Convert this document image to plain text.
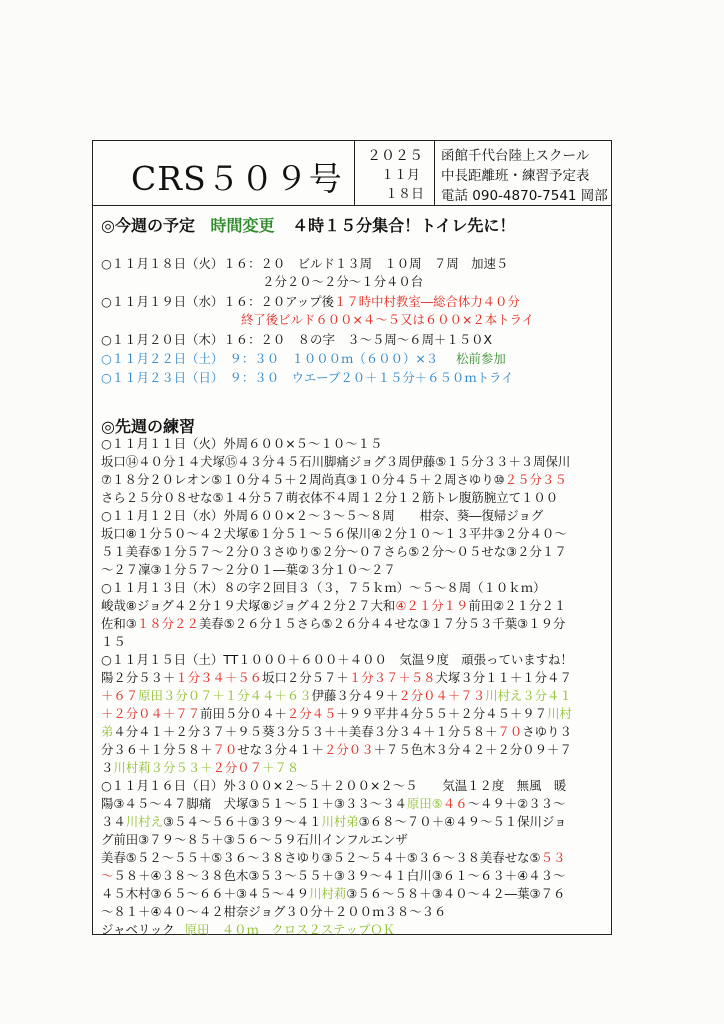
CRS５０９号
２０２５
１１月
１８日
函館千代台陸上スクール
中長距離班・練習予定表
電話 090-4870-7541 岡部
◎今週の予定 時間変更 ４時１５分集合！トイレ先に！
○１１月１８日（火）１６：２０　ビルド１３周　１０周　７周　加速５
　　　　　　　　　　　　　２分２０～２分～１分４０台
○１１月１９日（水）１６：２０アップ後１７時中村教室―総合体力４０分
終了後ビルド６００×４～５又は６００×２本トライ
○１１月２０日（木）１６：２０　８の字　３～５周～６周＋１５０X
○１１月２２日（土）　９：３０　１０００ｍ（６００）×３ 松前参加
○１１月２３日（日）　９：３０　ウエーブ２０＋１５分＋６５０ｍトライ
◎先週の練習
○１１月１１日（火）外周６００×５～１０～１５
坂口⑭４０分１４犬塚⑮４３分４５石川脚痛ジョグ３周伊藤⑤１５分３３＋３周保川
⑦１８分２０レオン⑤１０分４５＋２周尚真③１０分４５＋２周さゆり⑩２５分３５
さら２５分０８せな⑤１４分５７萌衣体不４周１２分１２筋トレ腹筋腕立て１００
○１１月１２日（水）外周６００×２～３～５～８周　　柑奈、葵―復帰ジョグ
坂口⑧１分５０～４２犬塚⑥１分５１～５６保川④２分１０～１３平井③２分４０～
５１美春⑤１分５７～２分０３さゆり⑤２分～０７さら⑤２分～０５せな③２分１７
～２７凜③１分５７～２分０１―葉②３分１０～２７
○１１月１３日（木）８の字２回目３（３，７５ｋｍ）～５～８周（１０ｋｍ）
峻哉⑧ジョグ４２分１９犬塚⑧ジョグ４２分２７大和④２１分１９前田②２１分２１
佐和③１８分２２美春⑤２６分１５さら⑤２６分４４せな③１７分５３千葉③１９分
１５
○１１月１５日（土）TT１０００＋６００＋４００　気温９度　頑張っていますね！
陽２分５３＋１分３４＋５６坂口２分５７＋１分３７＋５８犬塚３分１１＋１分４７
＋６７原田３分０７＋１分４４＋６３伊藤３分４９＋２分０４＋７３川村え３分４１
＋２分０４＋７７前田５分０４＋２分４５＋９９平井４分５５＋２分４５＋９７川村
弟４分４１＋２分３７＋９５葵３分５３＋＋美春３分３４＋１分５８＋７０さゆり３
分３６＋１分５８＋７０せな３分４１＋２分０３＋７５色木３分４２＋２分０９＋７
３川村莉３分５３＋２分０７＋７８
○１１月１６日（日）外３００×２～５＋２００×２～５　　気温１２度　無風　暖
陽③４５～４７脚痛　犬塚③５１～５１＋③３３～３４原田⑤４６～４９＋②３３～
３４川村え③５４～５６＋③３９～４１川村弟③６８～７０＋④４９～５１保川ジョ
グ前田③７９～８５＋③５６～５９石川インフルエンザ
美春⑤５２～５５＋⑤３６～３８さゆり③５２～５４＋⑤３６～３８美春せな⑤５３
～５８＋④３８～３８色木③５３～５５＋③３９～４１白川③６１～６３＋④４３～
４５木村③６５～６６＋③４５～４９川村莉③５６～５８＋③４０～４２―葉③７６
～８１＋④４０～４２柑奈ジョグ３０分＋２００ｍ３８～３６
ジャベリック 原田　４０ｍ　クロス２ステップＯＫ
